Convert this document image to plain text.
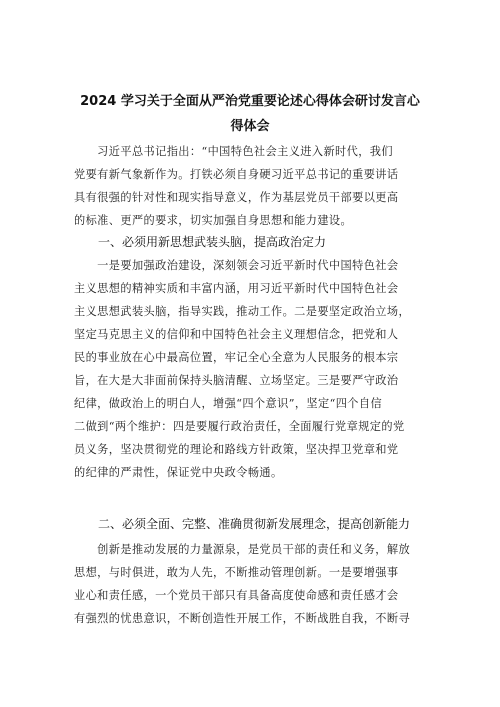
2024 学习关于全面从严治党重要论述心得体会研讨发言心
得体会
　　习近平总书记指出：“中国特色社会主义进入新时代，我们
党要有新气象新作为。打铁必须自身硬习近平总书记的重要讲话
具有很强的针对性和现实指导意义，作为基层党员干部要以更高
的标准、更严的要求，切实加强自身思想和能力建设。
　　一、必须用新思想武装头脑，提高政治定力
　　一是要加强政治建设，深刻领会习近平新时代中国特色社会
主义思想的精神实质和丰富内涵，用习近平新时代中国特色社会
主义思想武装头脑，指导实践，推动工作。二是要坚定政治立场，
坚定马克思主义的信仰和中国特色社会主义理想信念，把党和人
民的事业放在心中最高位置，牢记全心全意为人民服务的根本宗
旨，在大是大非面前保持头脑清醒、立场坚定。三是要严守政治
纪律，做政治上的明白人，增强“四个意识”，坚定“四个自信
二做到“两个维护：四是要履行政治责任，全面履行党章规定的党
员义务，坚决贯彻党的理论和路线方针政策，坚决捍卫党章和党
的纪律的严肃性，保证党中央政令畅通。
　　二、必须全面、完整、准确贯彻新发展理念，提高创新能力
　　创新是推动发展的力量源泉，是党员干部的责任和义务，解放
思想，与时俱进，敢为人先，不断推动管理创新。一是要增强事
业心和责任感，一个党员干部只有具备高度使命感和责任感才会
有强烈的忧患意识，不断创造性开展工作，不断战胜自我，不断寻
